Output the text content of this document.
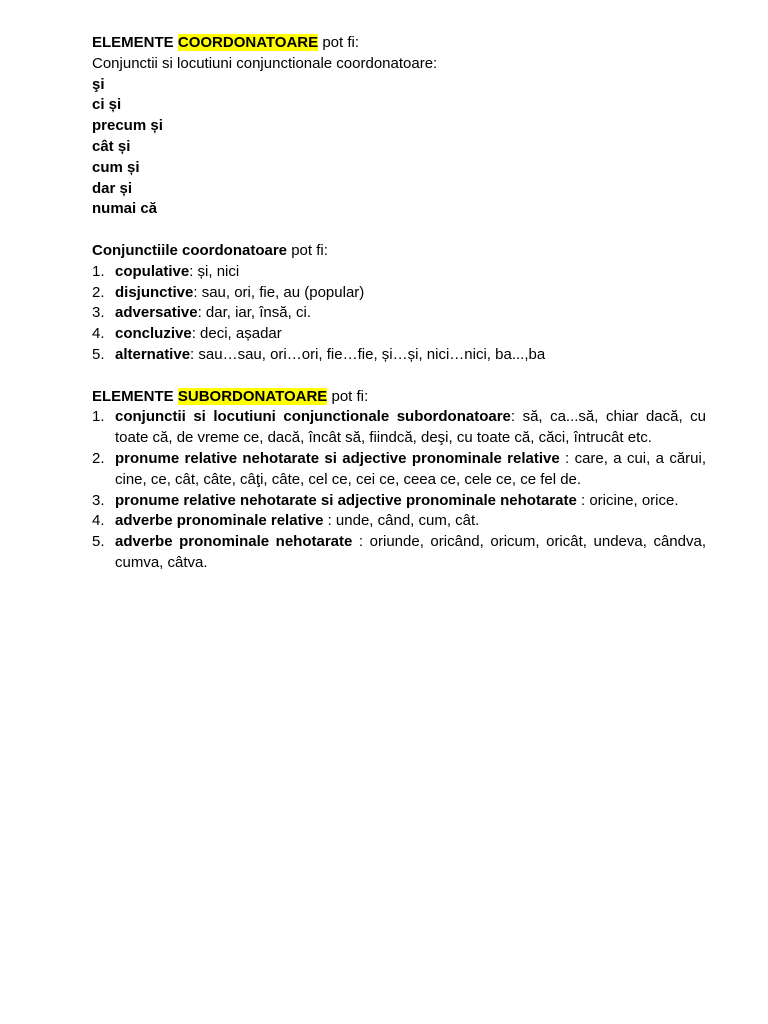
ELEMENTE COORDONATOARE pot fi:

Conjunctii si locutiuni conjunctionale coordonatoare:

şi

ci și

precum și

cât și

cum și

dar și

numai că

Conjunctiile coordonatoare pot fi:

1. copulative: și, nici
2. disjunctive: sau, ori, fie, au (popular)
3. adversative: dar, iar, însă, ci.
4. concluzive: deci, așadar
5. alternative: sau…sau, ori…ori, fie…fie, și…și, nici…nici, ba...,ba

ELEMENTE SUBORDONATOARE pot fi:

1. conjunctii si locutiuni conjunctionale subordonatoare: să, ca...să, chiar dacă, cu toate că, de vreme ce, dacă, încât să, fiindcă, deşi, cu toate că, căci, întrucât etc.
2. pronume relative nehotarate si adjective pronominale relative : care, a cui, a cărui, cine, ce, cât, câte, câţi, câte, cel ce, cei ce, ceea ce, cele ce, ce fel de.
3. pronume relative nehotarate si adjective pronominale nehotarate : oricine, orice.
4. adverbe pronominale relative : unde, când, cum, cât.
5. adverbe pronominale nehotarate : oriunde, oricând, oricum, oricât, undeva, cândva, cumva, câtva.
